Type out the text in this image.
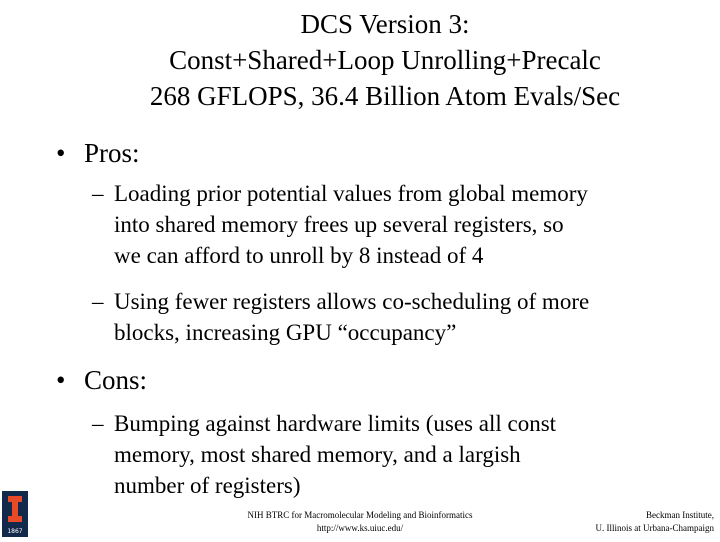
DCS Version 3:
Const+Shared+Loop Unrolling+Precalc
268 GFLOPS, 36.4 Billion Atom Evals/Sec
• Pros:
– Loading prior potential values from global memory
into shared memory frees up several registers, so
we can afford to unroll by 8 instead of 4
– Using fewer registers allows co-scheduling of more
blocks, increasing GPU “occupancy”
• Cons:
– Bumping against hardware limits (uses all const
memory, most shared memory, and a largish
number of registers)
1867
NIH BTRC for Macromolecular Modeling and Bioinformatics
http://www.ks.uiuc.edu/
Beckman Institute,
U. Illinois at Urbana-Champaign
